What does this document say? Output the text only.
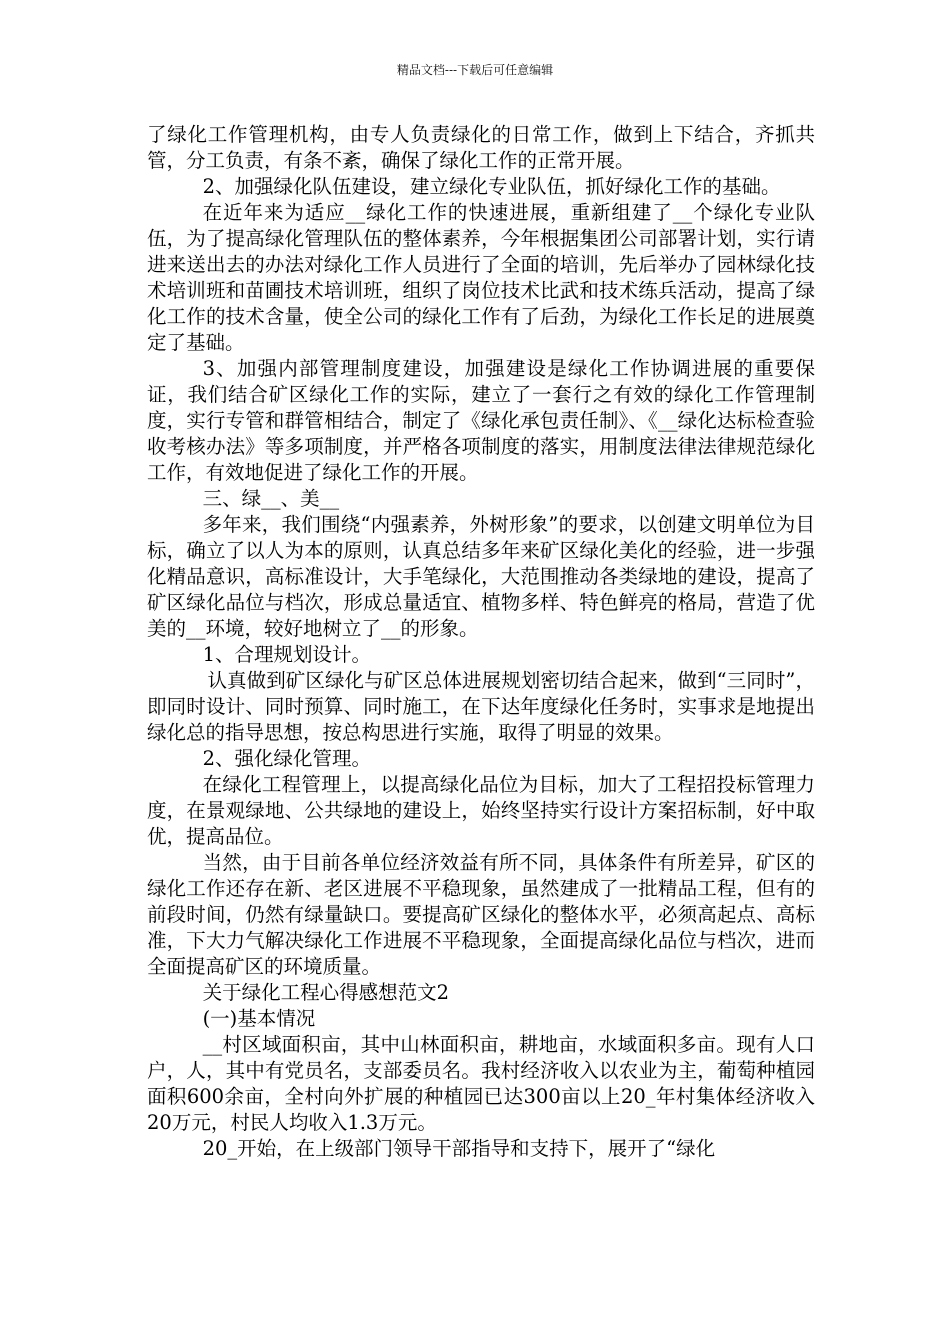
精品文档---下载后可任意编辑

了绿化工作管理机构，由专人负责绿化的日常工作，做到上下结合，齐抓共管，分工负责，有条不紊，确保了绿化工作的正常开展。

2、加强绿化队伍建设，建立绿化专业队伍，抓好绿化工作的基础。

在近年来为适应__绿化工作的快速进展，重新组建了__个绿化专业队伍，为了提高绿化管理队伍的整体素养，今年根据集团公司部署计划，实行请进来送出去的办法对绿化工作人员进行了全面的培训，先后举办了园林绿化技术培训班和苗圃技术培训班，组织了岗位技术比武和技术练兵活动，提高了绿化工作的技术含量，使全公司的绿化工作有了后劲，为绿化工作长足的进展奠定了基础。

3、加强内部管理制度建设，加强建设是绿化工作协调进展的重要保证，我们结合矿区绿化工作的实际，建立了一套行之有效的绿化工作管理制度，实行专管和群管相结合，制定了《绿化承包责任制》、《__绿化达标检查验收考核办法》等多项制度，并严格各项制度的落实，用制度法律法律规范绿化工作，有效地促进了绿化工作的开展。

三、绿__、美__

多年来，我们围绕“内强素养，外树形象”的要求，以创建文明单位为目标，确立了以人为本的原则，认真总结多年来矿区绿化美化的经验，进一步强化精品意识，高标准设计，大手笔绿化，大范围推动各类绿地的建设，提高了矿区绿化品位与档次，形成总量适宜、植物多样、特色鲜亮的格局，营造了优美的__环境，较好地树立了__的形象。

1、合理规划设计。

认真做到矿区绿化与矿区总体进展规划密切结合起来，做到“三同时”，即同时设计、同时预算、同时施工，在下达年度绿化任务时，实事求是地提出绿化总的指导思想，按总构思进行实施，取得了明显的效果。

2、强化绿化管理。

在绿化工程管理上，以提高绿化品位为目标，加大了工程招投标管理力度，在景观绿地、公共绿地的建设上，始终坚持实行设计方案招标制，好中取优，提高品位。

当然，由于目前各单位经济效益有所不同，具体条件有所差异，矿区的绿化工作还存在新、老区进展不平稳现象，虽然建成了一批精品工程，但有的前段时间，仍然有绿量缺口。要提高矿区绿化的整体水平，必须高起点、高标准，下大力气解决绿化工作进展不平稳现象，全面提高绿化品位与档次，进而全面提高矿区的环境质量。

关于绿化工程心得感想范文2

(一)基本情况

__村区域面积亩，其中山林面积亩，耕地亩，水域面积多亩。现有人口户，人，其中有党员名，支部委员名。我村经济收入以农业为主，葡萄种植园面积600余亩，全村向外扩展的种植园已达300亩以上20_年村集体经济收入20万元，村民人均收入1.3万元。

20_开始，在上级部门领导干部指导和支持下，展开了“绿化
